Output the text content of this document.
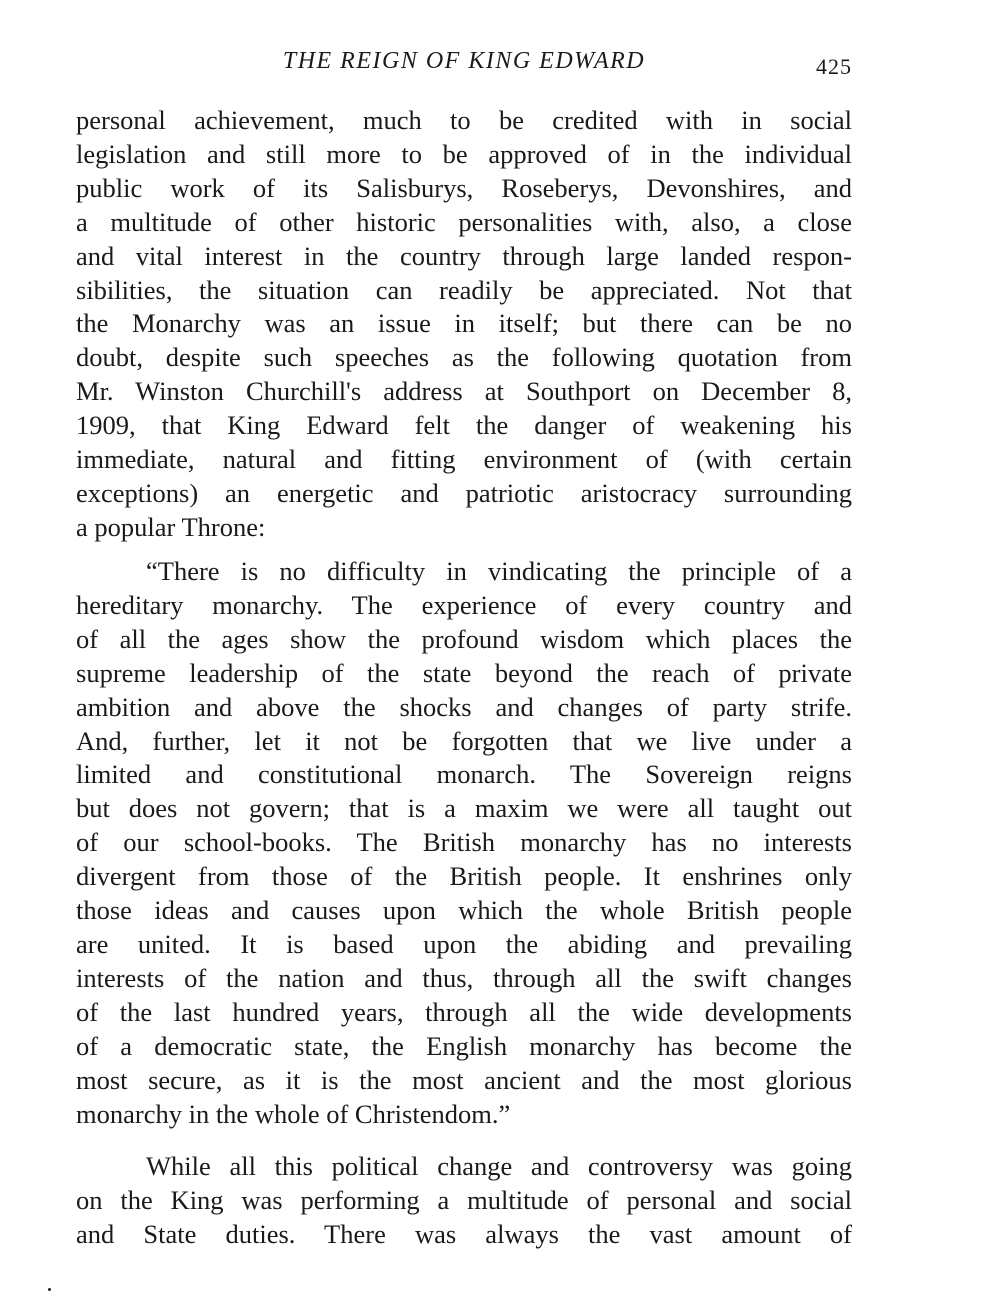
THE REIGN OF KING EDWARD	425
personal achievement, much to be credited with in social
legislation and still more to be approved of in the individual
public work of its Salisburys, Roseberys, Devonshires, and
a multitude of other historic personalities with, also, a close
and vital interest in the country through large landed respon-
sibilities, the situation can readily be appreciated. Not that
the Monarchy was an issue in itself; but there can be no
doubt, despite such speeches as the following quotation from
Mr. Winston Churchill's address at Southport on December 8,
1909, that King Edward felt the danger of weakening his
immediate, natural and fitting environment of (with certain
exceptions) an energetic and patriotic aristocracy surrounding
a popular Throne:
“There is no difficulty in vindicating the principle of a
hereditary monarchy. The experience of every country and
of all the ages show the profound wisdom which places the
supreme leadership of the state beyond the reach of private
ambition and above the shocks and changes of party strife.
And, further, let it not be forgotten that we live under a
limited and constitutional monarch. The Sovereign reigns
but does not govern; that is a maxim we were all taught out
of our school-books. The British monarchy has no interests
divergent from those of the British people. It enshrines only
those ideas and causes upon which the whole British people
are united. It is based upon the abiding and prevailing
interests of the nation and thus, through all the swift changes
of the last hundred years, through all the wide developments
of a democratic state, the English monarchy has become the
most secure, as it is the most ancient and the most glorious
monarchy in the whole of Christendom.”
While all this political change and controversy was going
on the King was performing a multitude of personal and social
and State duties. There was always the vast amount of
